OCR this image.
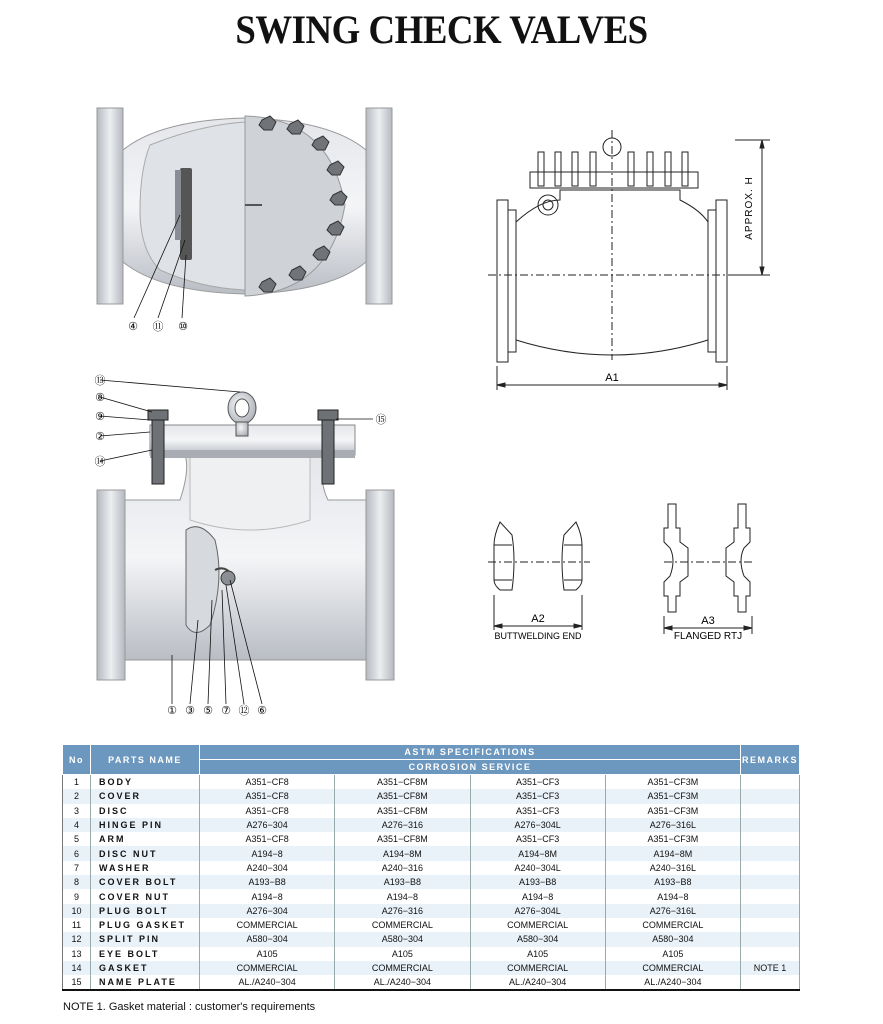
SWING CHECK VALVES
④ ⑪ ⑩
A1
APPROX. H
⑬
⑧
⑨
②
⑭
⑮
① ③ ⑤ ⑦ ⑫ ⑥
A2
BUTTWELDING END
A3
FLANGED RTJ
No	PARTS NAME	ASTM SPECIFICATIONS				REMARKS
		CORROSION SERVICE				
1	BODY	A351−CF8	A351−CF8M	A351−CF3	A351−CF3M	
2	COVER	A351−CF8	A351−CF8M	A351−CF3	A351−CF3M	
3	DISC	A351−CF8	A351−CF8M	A351−CF3	A351−CF3M	
4	HINGE PIN	A276−304	A276−316	A276−304L	A276−316L	
5	ARM	A351−CF8	A351−CF8M	A351−CF3	A351−CF3M	
6	DISC NUT	A194−8	A194−8M	A194−8M	A194−8M	
7	WASHER	A240−304	A240−316	A240−304L	A240−316L	
8	COVER BOLT	A193−B8	A193−B8	A193−B8	A193−B8	
9	COVER NUT	A194−8	A194−8	A194−8	A194−8	
10	PLUG BOLT	A276−304	A276−316	A276−304L	A276−316L	
11	PLUG GASKET	COMMERCIAL	COMMERCIAL	COMMERCIAL	COMMERCIAL	
12	SPLIT PIN	A580−304	A580−304	A580−304	A580−304	
13	EYE BOLT	A105	A105	A105	A105	
14	GASKET	COMMERCIAL	COMMERCIAL	COMMERCIAL	COMMERCIAL	NOTE 1
15	NAME PLATE	AL./A240−304	AL./A240−304	AL./A240−304	AL./A240−304	
NOTE 1. Gasket material : customer's requirements
